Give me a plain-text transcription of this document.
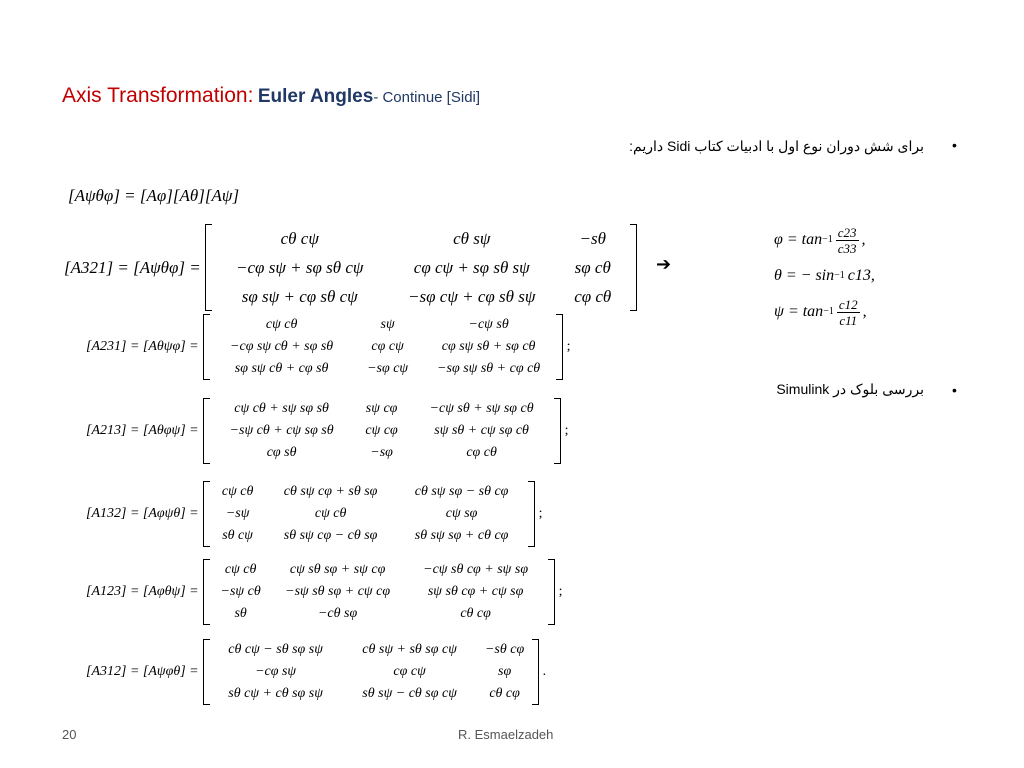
Axis Transformation: Euler Angles- Continue [Sidi]
•
برای شش دوران نوع اول با ادبیات کتاب Sidi داریم:
•
بررسی بلوک در Simulink
➔
[Aψθφ] = [Aφ][Aθ][Aψ]
[A321] = [Aψθφ] =
cθ cψ	cθ sψ	−sθ
−cφ sψ + sφ sθ cψ	cφ cψ + sφ sθ sψ	sφ cθ
sφ sψ + cφ sθ cψ	−sφ cψ + cφ sθ sψ	cφ cθ
[A231] = [Aθψφ] =
cψ cθ	sψ	−cψ sθ
−cφ sψ cθ + sφ sθ	cφ cψ	cφ sψ sθ + sφ cθ
sφ sψ cθ + cφ sθ	−sφ cψ	−sφ sψ sθ + cφ cθ
;
[A213] = [Aθφψ] =
cψ cθ + sψ sφ sθ	sψ cφ	−cψ sθ + sψ sφ cθ
−sψ cθ + cψ sφ sθ	cψ cφ	sψ sθ + cψ sφ cθ
cφ sθ	−sφ	cφ cθ
;
[A132] = [Aφψθ] =
cψ cθ	cθ sψ cφ + sθ sφ	cθ sψ sφ − sθ cφ
−sψ	cψ cθ	cψ sφ
sθ cψ	sθ sψ cφ − cθ sφ	sθ sψ sφ + cθ cφ
;
[A123] = [Aφθψ] =
cψ cθ	cψ sθ sφ + sψ cφ	−cψ sθ cφ + sψ sφ
−sψ cθ	−sψ sθ sφ + cψ cφ	sψ sθ cφ + cψ sφ
sθ	−cθ sφ	cθ cφ
;
[A312] = [Aψφθ] =
cθ cψ − sθ sφ sψ	cθ sψ + sθ sφ cψ	−sθ cφ
−cφ sψ	cφ cψ	sφ
sθ cψ + cθ sφ sψ	sθ sψ − cθ sφ cψ	cθ cφ
.
$\varphi = \tan -1 \frac{c23}{c33}$ ,
θ = − sin −1 c13 ,
$\psi = \tan -1 \frac{c12}{c11}$ ,
20	R. Esmaelzadeh
